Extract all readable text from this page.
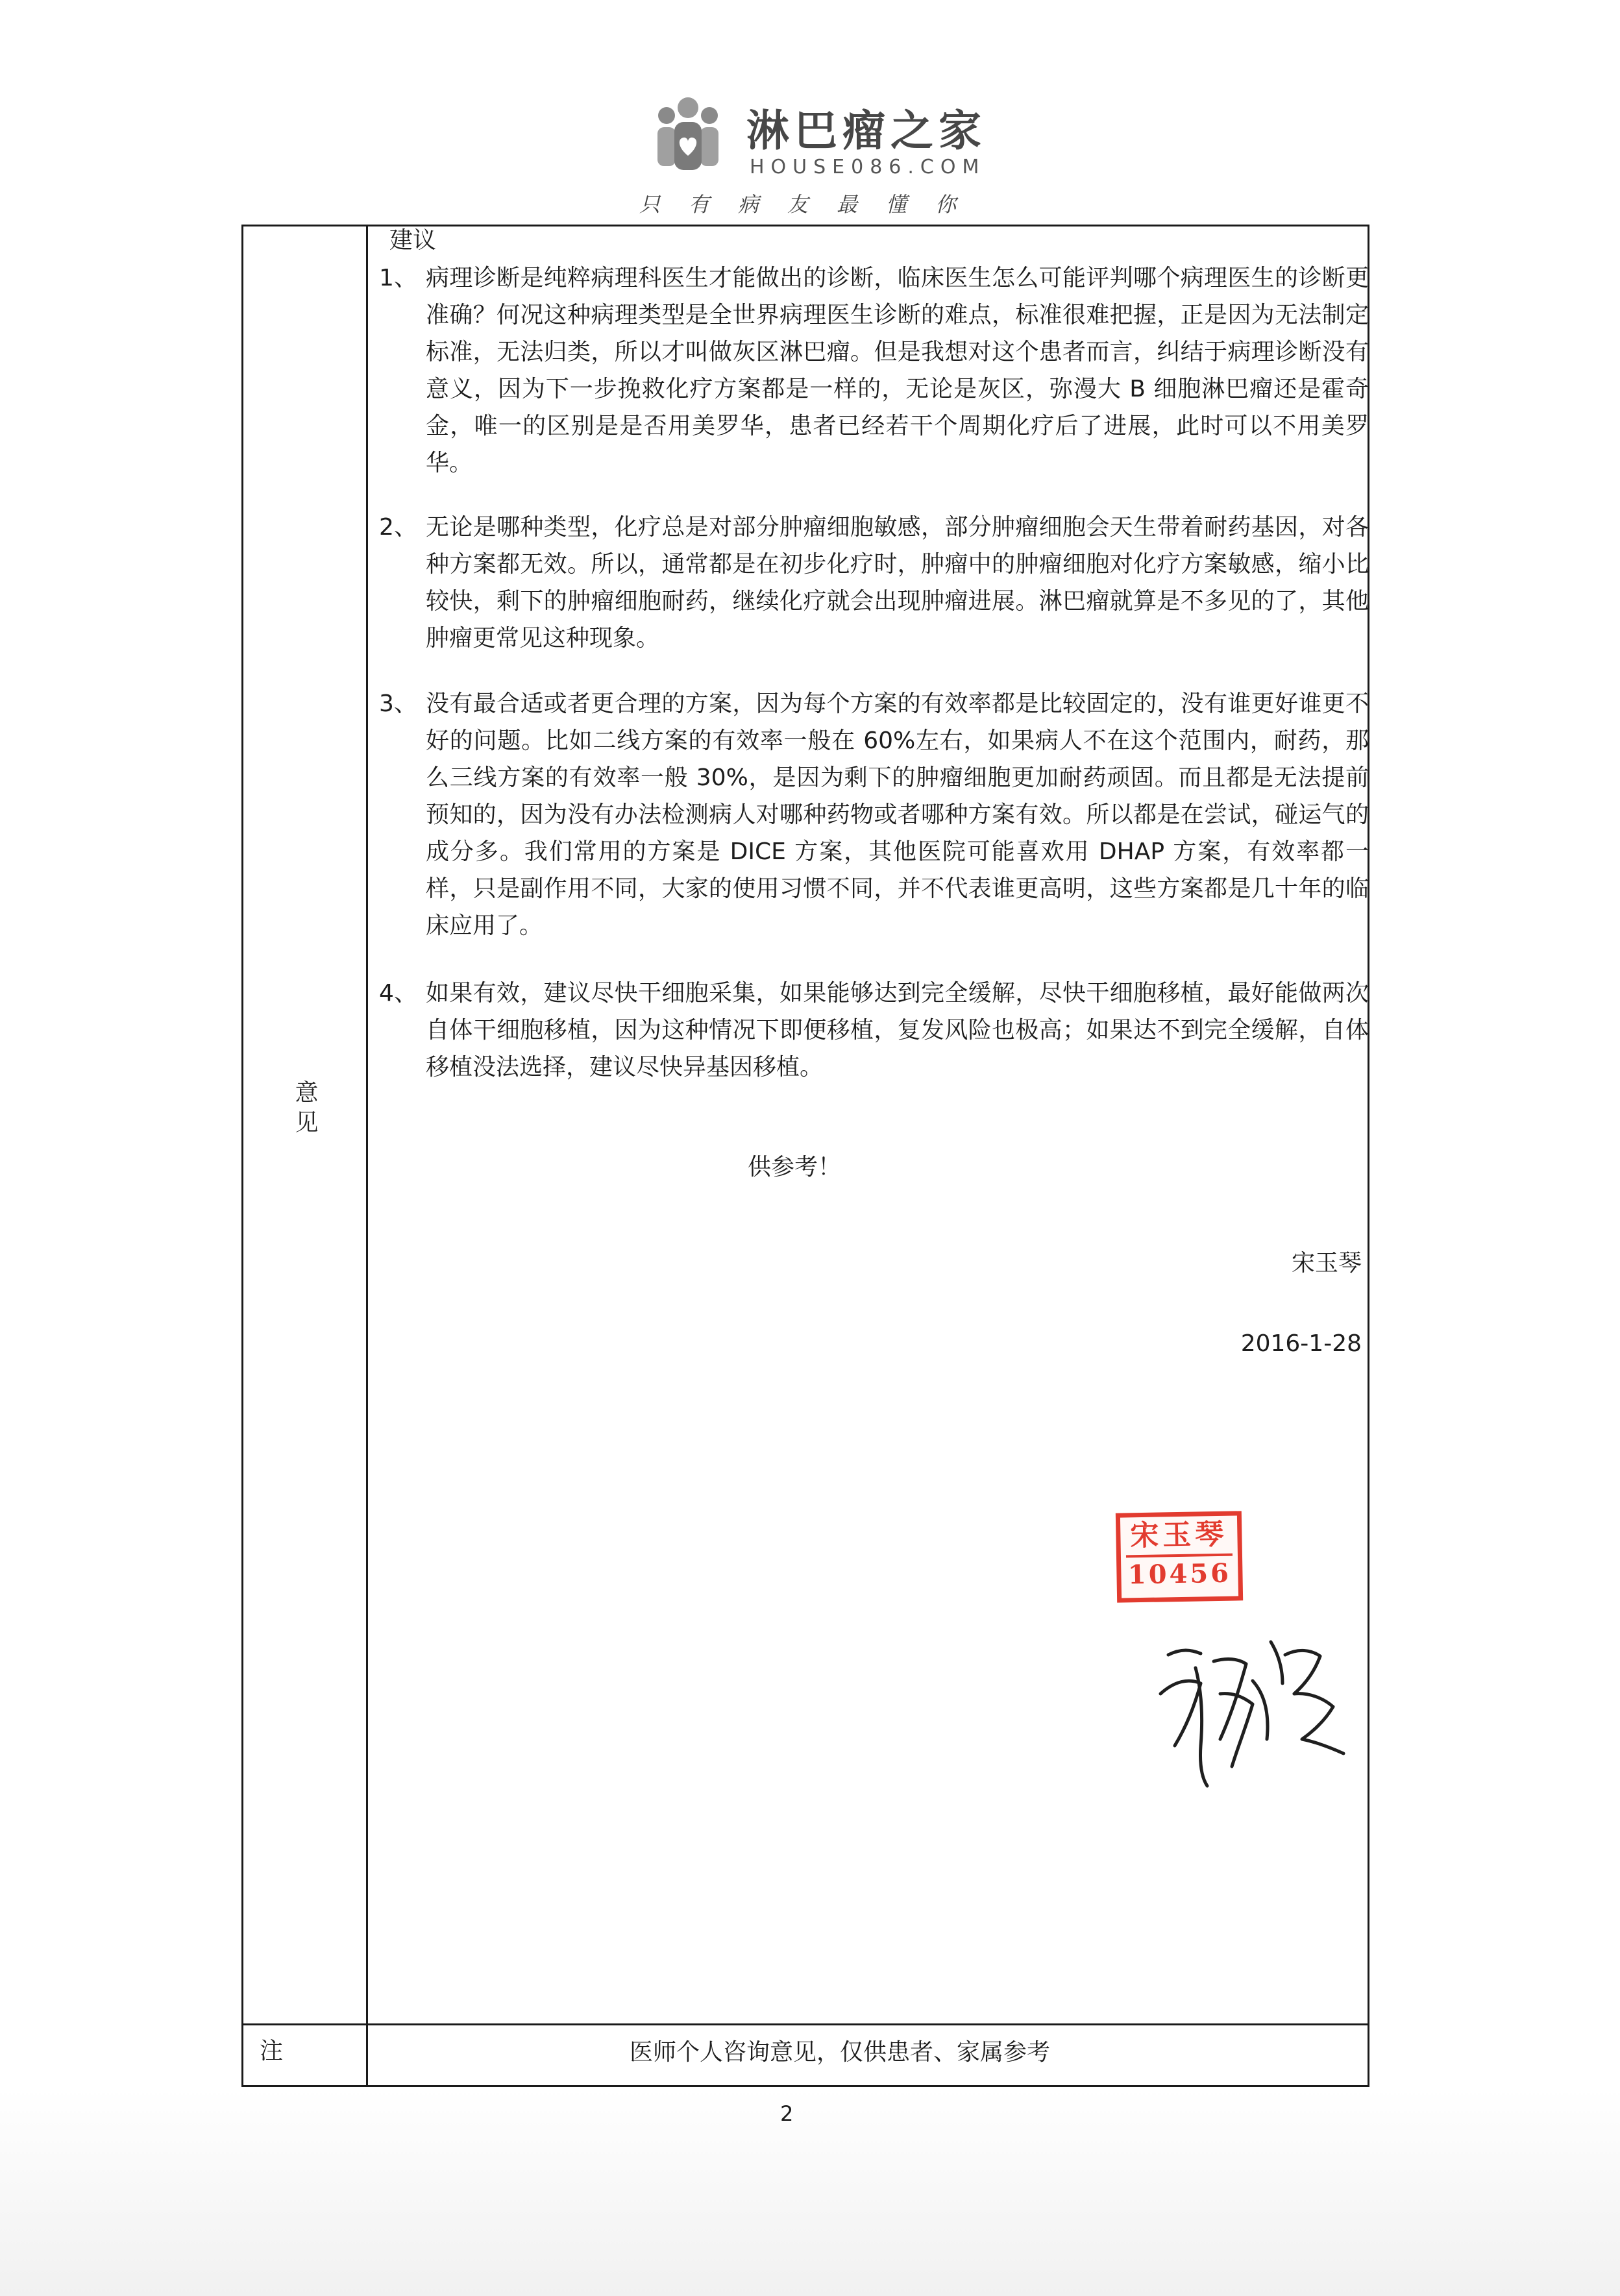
淋巴瘤之家
HOUSE086.COM
只有病友最懂你
意见
注
建议
1、 病理诊断是纯粹病理科医生才能做出的诊断，临床医生怎么可能评判哪个病理医生的诊断更准确？何况这种病理类型是全世界病理医生诊断的难点，标准很难把握，正是因为无法制定标准，无法归类，所以才叫做灰区淋巴瘤。但是我想对这个患者而言，纠结于病理诊断没有意义，因为下一步挽救化疗方案都是一样的，无论是灰区，弥漫大 B 细胞淋巴瘤还是霍奇金，唯一的区别是是否用美罗华，患者已经若干个周期化疗后了进展，此时可以不用美罗华。
2、 无论是哪种类型，化疗总是对部分肿瘤细胞敏感，部分肿瘤细胞会天生带着耐药基因，对各种方案都无效。所以，通常都是在初步化疗时，肿瘤中的肿瘤细胞对化疗方案敏感，缩小比较快，剩下的肿瘤细胞耐药，继续化疗就会出现肿瘤进展。淋巴瘤就算是不多见的了，其他肿瘤更常见这种现象。
3、 没有最合适或者更合理的方案，因为每个方案的有效率都是比较固定的，没有谁更好谁更不好的问题。比如二线方案的有效率一般在 60%左右，如果病人不在这个范围内，耐药，那么三线方案的有效率一般 30%，是因为剩下的肿瘤细胞更加耐药顽固。而且都是无法提前预知的，因为没有办法检测病人对哪种药物或者哪种方案有效。所以都是在尝试，碰运气的成分多。我们常用的方案是 DICE 方案，其他医院可能喜欢用 DHAP 方案，有效率都一样，只是副作用不同，大家的使用习惯不同，并不代表谁更高明，这些方案都是几十年的临床应用了。
4、 如果有效，建议尽快干细胞采集，如果能够达到完全缓解，尽快干细胞移植，最好能做两次自体干细胞移植，因为这种情况下即便移植，复发风险也极高；如果达不到完全缓解，自体移植没法选择，建议尽快异基因移植。
供参考！
宋玉琴
2016-1-28
医师个人咨询意见，仅供患者、家属参考
宋玉琴
10456
2
